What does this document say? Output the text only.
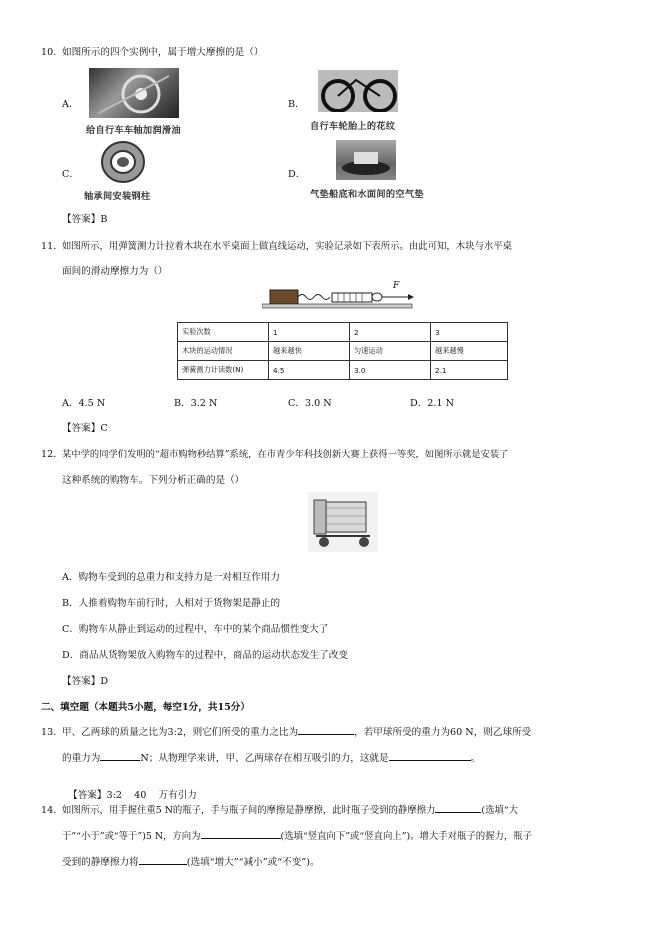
10． 如图所示的四个实例中，属于增大摩擦的是（）
A．
给自行车车轴加润滑油
B．
自行车轮胎上的花纹
C．
轴承间安装钢柱
D．
气垫船底和水面间的空气垫
【答案】B
11． 如图所示，用弹簧测力计拉着木块在水平桌面上做直线运动，实验记录如下表所示。由此可知，木块与水平桌
面间的滑动摩擦力为（）
F
实验次数	1	2	3
木块的运动情况	越来越快	匀速运动	越来越慢
弹簧测力计读数(N)	4.5	3.0	2.1
A．4.5 N	B．3.2 N	C．3.0 N	D．2.1 N
【答案】C
12． 某中学的同学们发明的“超市购物秒结算”系统，在市青少年科技创新大赛上获得一等奖，如图所示就是安装了
这种系统的购物车。下列分析正确的是（）
A．购物车受到的总重力和支持力是一对相互作用力
B．人推着购物车前行时，人相对于货物架是静止的
C．购物车从静止到运动的过程中，车中的某个商品惯性变大了
D．商品从货物架放入购物车的过程中，商品的运动状态发生了改变
【答案】D
二、填空题（本题共5小题，每空1分，共15分）
13． 甲、乙两球的质量之比为3:2，则它们所受的重力之比为	，若甲球所受的重力为60 N，则乙球所受
的重力为	N；从物理学来讲，甲、乙两球存在相互吸引的力，这就是	。

【答案】3:2    40    万有引力

14． 如图所示，用手握住重5 N的瓶子，手与瓶子间的摩擦是静摩擦，此时瓶子受到的静摩擦力	(选填“大
于”“小于”或“等于”)5 N，方向为	(选填“竖直向下”或“竖直向上”)。增大手对瓶子的握力，瓶子
受到的静摩擦力将	(选填“增大”“减小”或“不变”)。
